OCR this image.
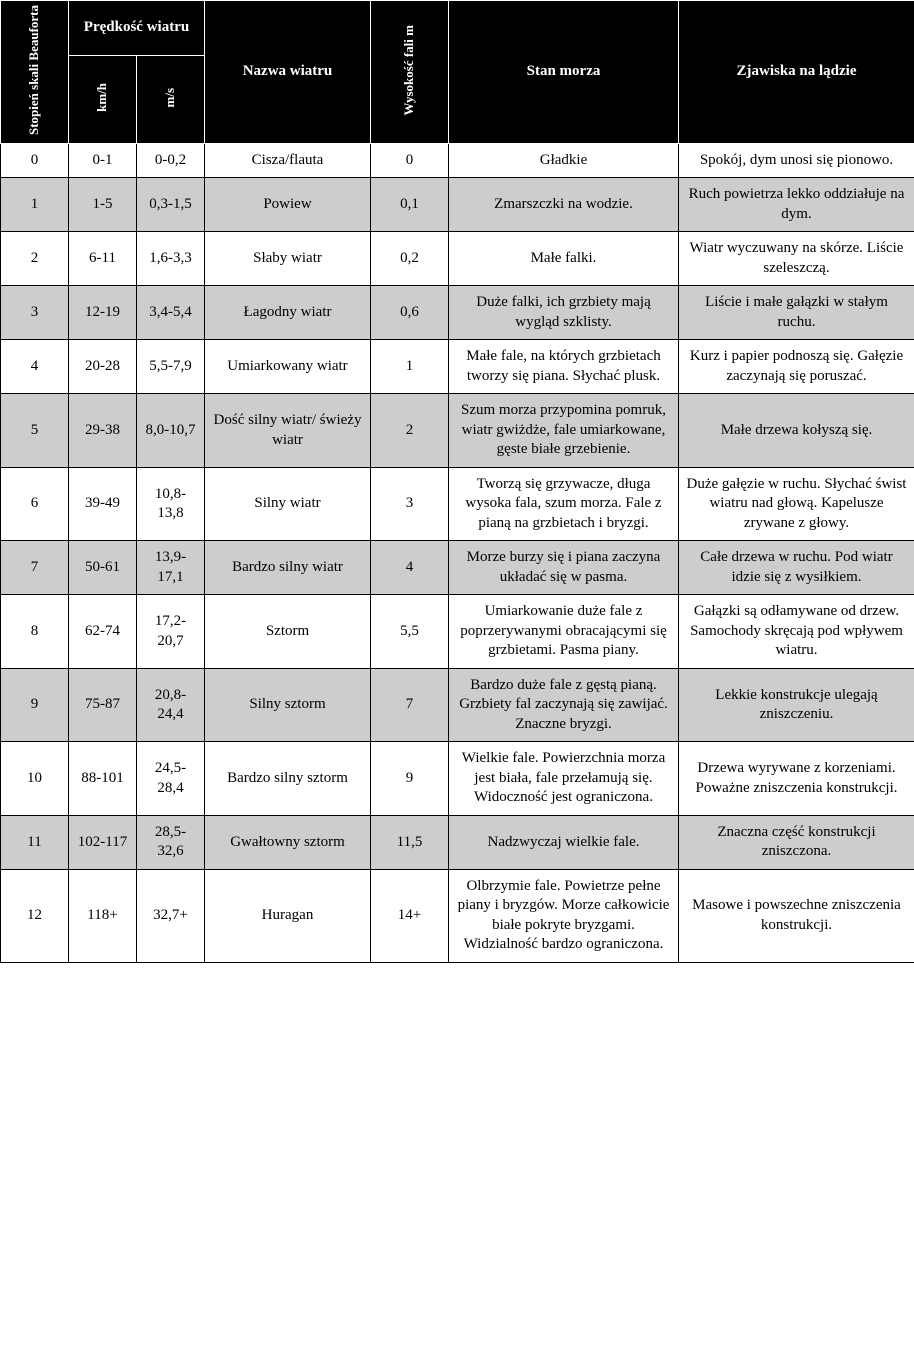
Stopień skali Beauforta	Prędkość wiatru		Nazwa wiatru	Wysokość fali m	Stan morza	Zjawiska na lądzie
	km/h	m/s				
0	0-1	0-0,2	Cisza/flauta	0	Gładkie	Spokój, dym unosi się pionowo.
1	1-5	0,3-1,5	Powiew	0,1	Zmarszczki na wodzie.	Ruch powietrza lekko oddziałuje na dym.
2	6-11	1,6-3,3	Słaby wiatr	0,2	Małe falki.	Wiatr wyczuwany na skórze. Liście szeleszczą.
3	12-19	3,4-5,4	Łagodny wiatr	0,6	Duże falki, ich grzbiety mają wygląd szklisty.	Liście i małe gałązki w stałym ruchu.
4	20-28	5,5-7,9	Umiarkowany wiatr	1	Małe fale, na których grzbietach tworzy się piana. Słychać plusk.	Kurz i papier podnoszą się. Gałęzie zaczynają się poruszać.
5	29-38	8,0-10,7	Dość silny wiatr/ świeży wiatr	2	Szum morza przypomina pomruk, wiatr gwiżdże, fale umiarkowane, gęste białe grzebienie.	Małe drzewa kołyszą się.
6	39-49	10,8-13,8	Silny wiatr	3	Tworzą się grzywacze, długa wysoka fala, szum morza. Fale z pianą na grzbietach i bryzgi.	Duże gałęzie w ruchu. Słychać świst wiatru nad głową. Kapelusze zrywane z głowy.
7	50-61	13,9-17,1	Bardzo silny wiatr	4	Morze burzy się i piana zaczyna układać się w pasma.	Całe drzewa w ruchu. Pod wiatr idzie się z wysiłkiem.
8	62-74	17,2-20,7	Sztorm	5,5	Umiarkowanie duże fale z poprzerywanymi obracającymi się grzbietami. Pasma piany.	Gałązki są odłamywane od drzew. Samochody skręcają pod wpływem wiatru.
9	75-87	20,8-24,4	Silny sztorm	7	Bardzo duże fale z gęstą pianą. Grzbiety fal zaczynają się zawijać. Znaczne bryzgi.	Lekkie konstrukcje ulegają zniszczeniu.
10	88-101	24,5-28,4	Bardzo silny sztorm	9	Wielkie fale. Powierzchnia morza jest biała, fale przełamują się. Widoczność jest ograniczona.	Drzewa wyrywane z korzeniami. Poważne zniszczenia konstrukcji.
11	102-117	28,5-32,6	Gwałtowny sztorm	11,5	Nadzwyczaj wielkie fale.	Znaczna część konstrukcji zniszczona.
12	118+	32,7+	Huragan	14+	Olbrzymie fale. Powietrze pełne piany i bryzgów. Morze całkowicie białe pokryte bryzgami. Widzialność bardzo ograniczona.	Masowe i powszechne zniszczenia konstrukcji.
